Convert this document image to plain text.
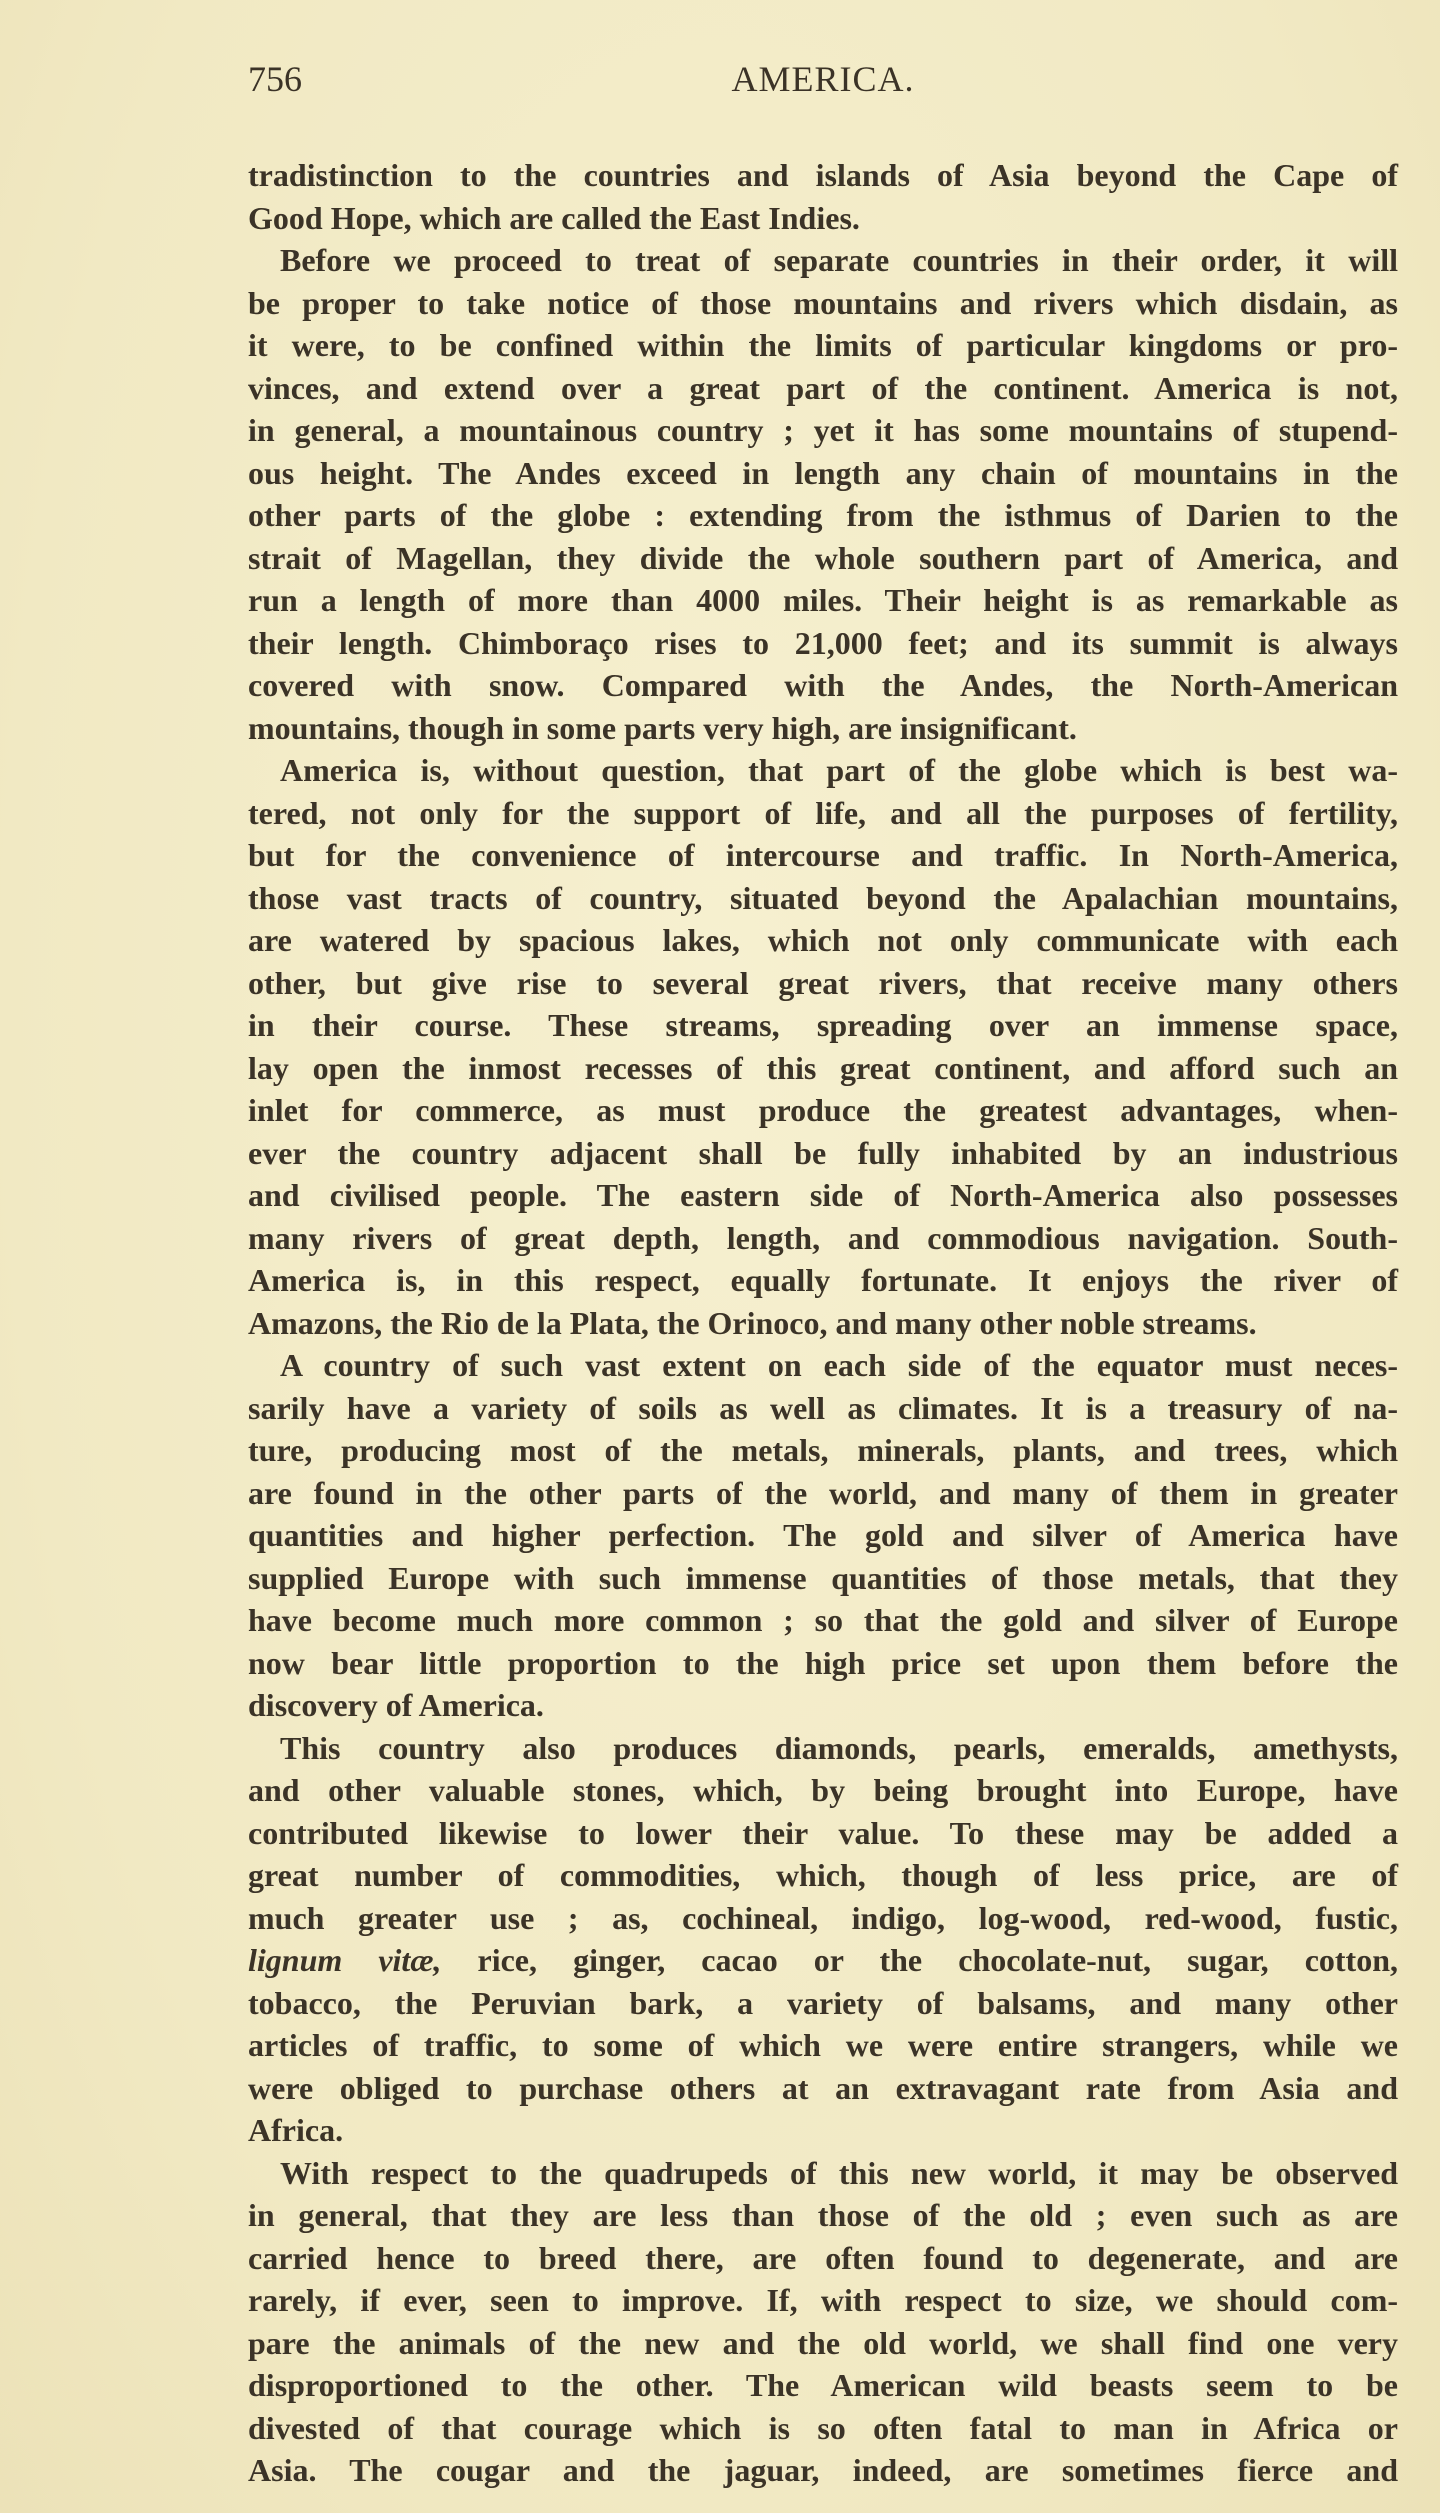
756	AMERICA.
tradistinction to the countries and islands of Asia beyond the Cape of
Good Hope, which are called the East Indies.
Before we proceed to treat of separate countries in their order, it will
be proper to take notice of those mountains and rivers which disdain, as
it were, to be confined within the limits of particular kingdoms or pro-
vinces, and extend over a great part of the continent. America is not,
in general, a mountainous country ; yet it has some mountains of stupend-
ous height. The Andes exceed in length any chain of mountains in the
other parts of the globe : extending from the isthmus of Darien to the
strait of Magellan, they divide the whole southern part of America, and
run a length of more than 4000 miles. Their height is as remarkable as
their length. Chimboraço rises to 21,000 feet; and its summit is always
covered with snow. Compared with the Andes, the North-American
mountains, though in some parts very high, are insignificant.
America is, without question, that part of the globe which is best wa-
tered, not only for the support of life, and all the purposes of fertility,
but for the convenience of intercourse and traffic. In North-America,
those vast tracts of country, situated beyond the Apalachian mountains,
are watered by spacious lakes, which not only communicate with each
other, but give rise to several great rivers, that receive many others
in their course. These streams, spreading over an immense space,
lay open the inmost recesses of this great continent, and afford such an
inlet for commerce, as must produce the greatest advantages, when-
ever the country adjacent shall be fully inhabited by an industrious
and civilised people. The eastern side of North-America also possesses
many rivers of great depth, length, and commodious navigation. South-
America is, in this respect, equally fortunate. It enjoys the river of
Amazons, the Rio de la Plata, the Orinoco, and many other noble streams.
A country of such vast extent on each side of the equator must neces-
sarily have a variety of soils as well as climates. It is a treasury of na-
ture, producing most of the metals, minerals, plants, and trees, which
are found in the other parts of the world, and many of them in greater
quantities and higher perfection. The gold and silver of America have
supplied Europe with such immense quantities of those metals, that they
have become much more common ; so that the gold and silver of Europe
now bear little proportion to the high price set upon them before the
discovery of America.
This country also produces diamonds, pearls, emeralds, amethysts,
and other valuable stones, which, by being brought into Europe, have
contributed likewise to lower their value. To these may be added a
great number of commodities, which, though of less price, are of
much greater use ; as, cochineal, indigo, log-wood, red-wood, fustic,
lignum vitæ, rice, ginger, cacao or the chocolate-nut, sugar, cotton,
tobacco, the Peruvian bark, a variety of balsams, and many other
articles of traffic, to some of which we were entire strangers, while we
were obliged to purchase others at an extravagant rate from Asia and
Africa.
With respect to the quadrupeds of this new world, it may be observed
in general, that they are less than those of the old ; even such as are
carried hence to breed there, are often found to degenerate, and are
rarely, if ever, seen to improve. If, with respect to size, we should com-
pare the animals of the new and the old world, we shall find one very
disproportioned to the other. The American wild beasts seem to be
divested of that courage which is so often fatal to man in Africa or
Asia. The cougar and the jaguar, indeed, are sometimes fierce and
